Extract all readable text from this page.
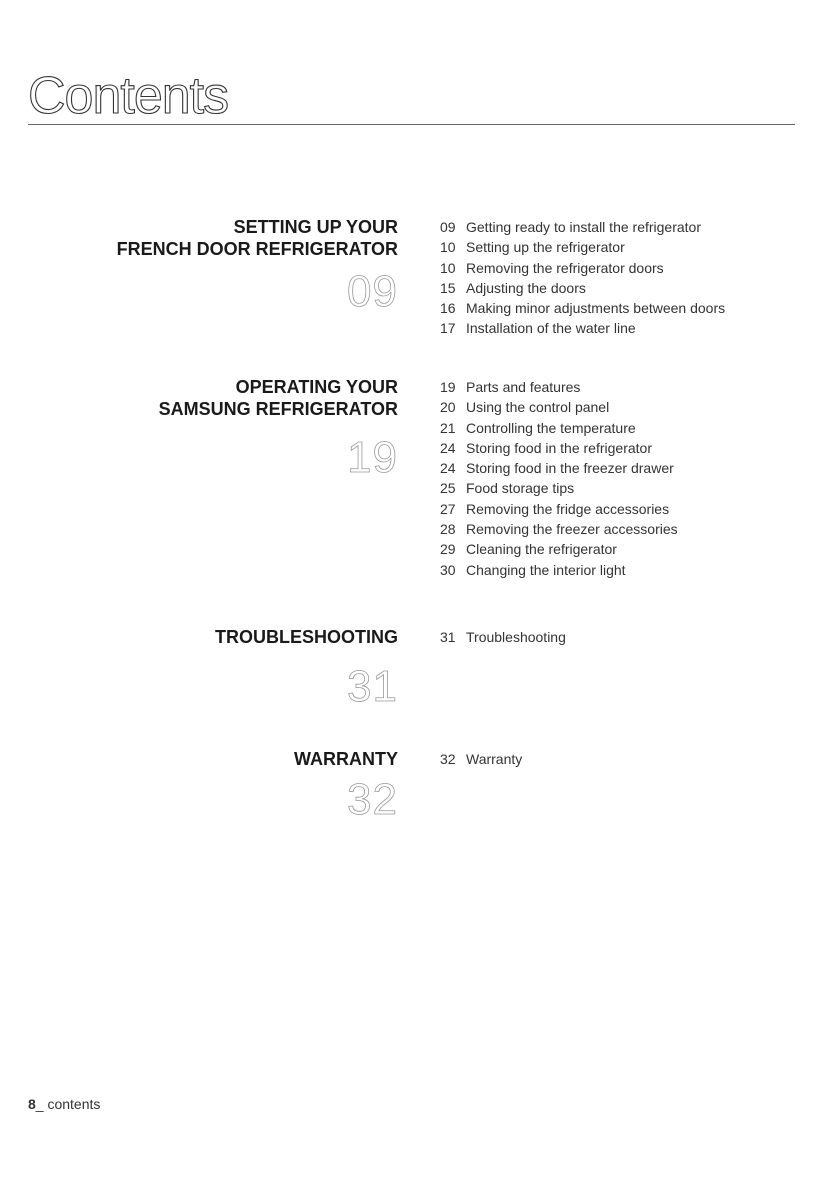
Contents
SETTING UP YOUR
FRENCH DOOR REFRIGERATOR
09
09 Getting ready to install the refrigerator
10 Setting up the refrigerator
10 Removing the refrigerator doors
15 Adjusting the doors
16 Making minor adjustments between doors
17 Installation of the water line
OPERATING YOUR
SAMSUNG REFRIGERATOR
19
19 Parts and features
20 Using the control panel
21 Controlling the temperature
24 Storing food in the refrigerator
24 Storing food in the freezer drawer
25 Food storage tips
27 Removing the fridge accessories
28 Removing the freezer accessories
29 Cleaning the refrigerator
30 Changing the interior light
TROUBLESHOOTING
31
31 Troubleshooting
WARRANTY
32
32 Warranty
8_ contents
